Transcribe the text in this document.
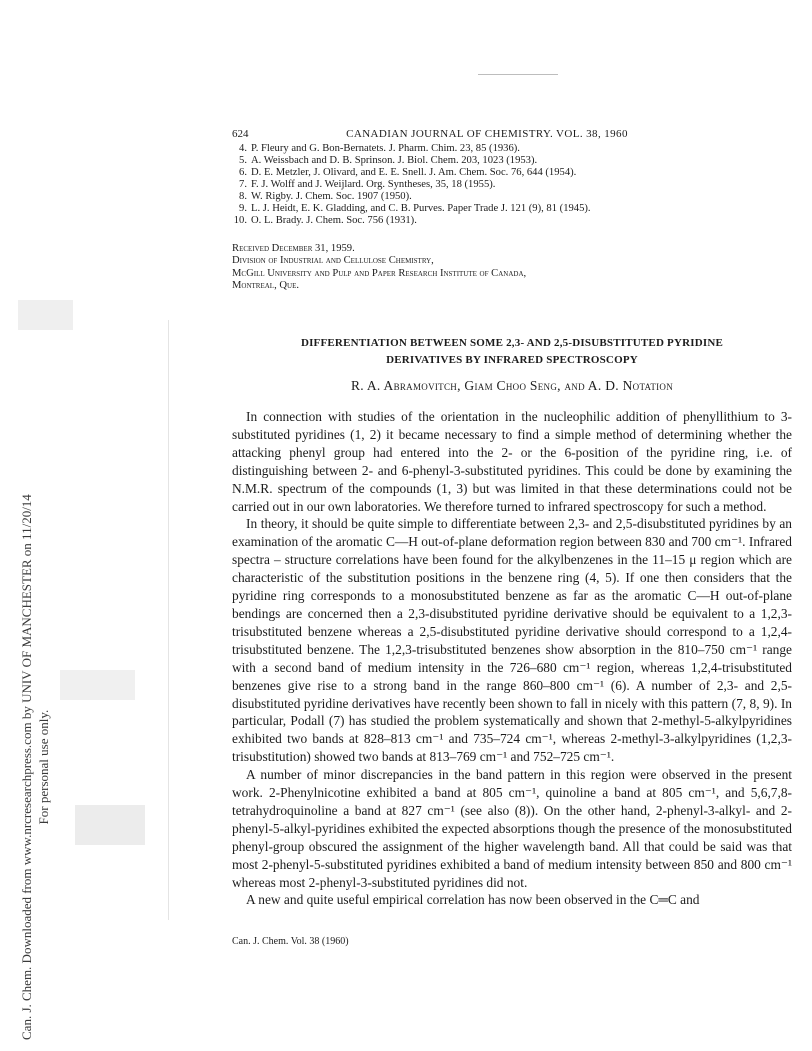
Can. J. Chem. Downloaded from www.nrcresearchpress.com by UNIV OF MANCHESTER on 11/20/14 For personal use only.
624	CANADIAN JOURNAL OF CHEMISTRY. VOL. 38, 1960
4. P. Fleury and G. Bon-Bernatets. J. Pharm. Chim. 23, 85 (1936).
5. A. Weissbach and D. B. Sprinson. J. Biol. Chem. 203, 1023 (1953).
6. D. E. Metzler, J. Olivard, and E. E. Snell. J. Am. Chem. Soc. 76, 644 (1954).
7. F. J. Wolff and J. Weijlard. Org. Syntheses, 35, 18 (1955).
8. W. Rigby. J. Chem. Soc. 1907 (1950).
9. L. J. Heidt, E. K. Gladding, and C. B. Purves. Paper Trade J. 121 (9), 81 (1945).
10. O. L. Brady. J. Chem. Soc. 756 (1931).
Received December 31, 1959.
Division of Industrial and Cellulose Chemistry,
McGill University and Pulp and Paper Research Institute of Canada,
Montreal, Que.
DIFFERENTIATION BETWEEN SOME 2,3- AND 2,5-DISUBSTITUTED PYRIDINE
DERIVATIVES BY INFRARED SPECTROSCOPY
R. A. Abramovitch, Giam Choo Seng, and A. D. Notation

In connection with studies of the orientation in the nucleophilic addition of phenyllithium to 3-substituted pyridines (1, 2) it became necessary to find a simple method of determining whether the attacking phenyl group had entered into the 2- or the 6-position of the pyridine ring, i.e. of distinguishing between 2- and 6-phenyl-3-substituted pyridines. This could be done by examining the N.M.R. spectrum of the compounds (1, 3) but was limited in that these determinations could not be carried out in our own laboratories. We therefore turned to infrared spectroscopy for such a method.

In theory, it should be quite simple to differentiate between 2,3- and 2,5-disubstituted pyridines by an examination of the aromatic C—H out-of-plane deformation region between 830 and 700 cm⁻¹. Infrared spectra – structure correlations have been found for the alkylbenzenes in the 11–15 μ region which are characteristic of the substitution positions in the benzene ring (4, 5). If one then considers that the pyridine ring corresponds to a monosubstituted benzene as far as the aromatic C—H out-of-plane bendings are concerned then a 2,3-disubstituted pyridine derivative should be equivalent to a 1,2,3-trisubstituted benzene whereas a 2,5-disubstituted pyridine derivative should correspond to a 1,2,4-trisubstituted benzene. The 1,2,3-trisubstituted benzenes show absorption in the 810–750 cm⁻¹ range with a second band of medium intensity in the 726–680 cm⁻¹ region, whereas 1,2,4-trisubstituted benzenes give rise to a strong band in the range 860–800 cm⁻¹ (6). A number of 2,3- and 2,5-disubstituted pyridine derivatives have recently been shown to fall in nicely with this pattern (7, 8, 9). In particular, Podall (7) has studied the problem systematically and shown that 2-methyl-5-alkylpyridines exhibited two bands at 828–813 cm⁻¹ and 735–724 cm⁻¹, whereas 2-methyl-3-alkylpyridines (1,2,3-trisubstitution) showed two bands at 813–769 cm⁻¹ and 752–725 cm⁻¹.

A number of minor discrepancies in the band pattern in this region were observed in the present work. 2-Phenylnicotine exhibited a band at 805 cm⁻¹, quinoline a band at 805 cm⁻¹, and 5,6,7,8-tetrahydroquinoline a band at 827 cm⁻¹ (see also (8)). On the other hand, 2-phenyl-3-alkyl- and 2-phenyl-5-alkyl-pyridines exhibited the expected absorptions though the presence of the monosubstituted phenyl-group obscured the assignment of the higher wavelength band. All that could be said was that most 2-phenyl-5-substituted pyridines exhibited a band of medium intensity between 850 and 800 cm⁻¹ whereas most 2-phenyl-3-substituted pyridines did not.

A new and quite useful empirical correlation has now been observed in the C═C and

Can. J. Chem. Vol. 38 (1960)
